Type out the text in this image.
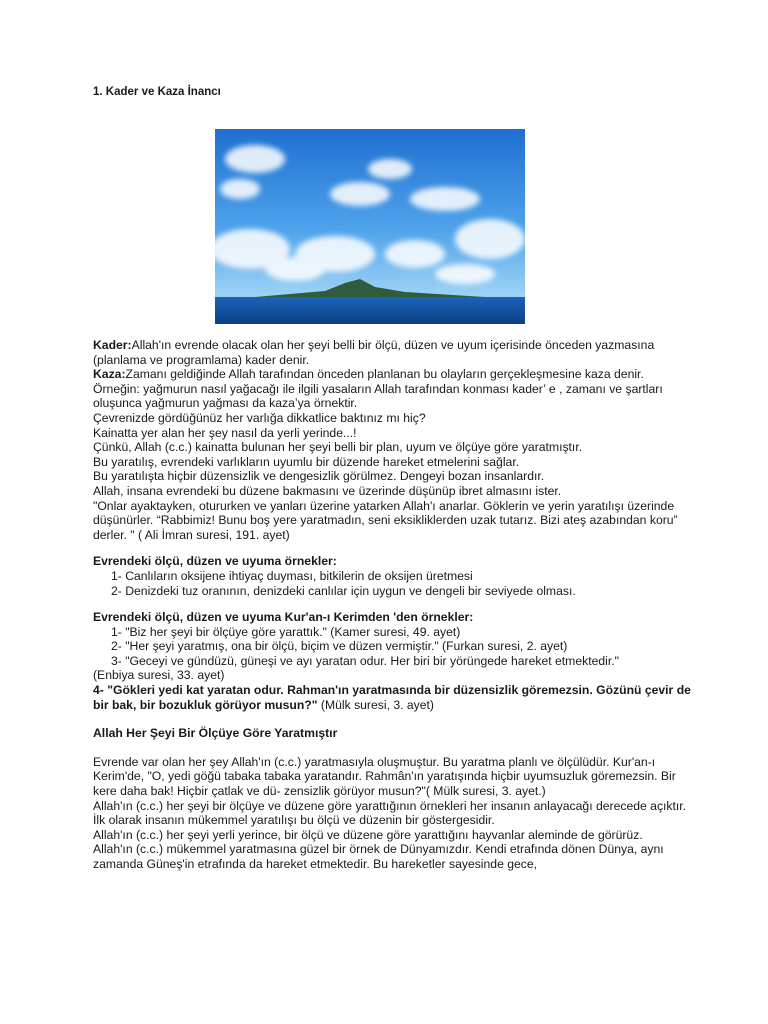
1. Kader ve Kaza İnancı

Kader:Allah'ın evrende olacak olan her şeyi belli bir ölçü, düzen ve uyum içerisinde önceden yazmasına (planlama ve programlama) kader denir.

Kaza:Zamanı geldiğinde Allah tarafından önceden planlanan bu olayların gerçekleşmesine kaza denir.

Örneğin: yağmurun nasıl yağacağı ile ilgili yasaların Allah tarafından konması kader’ e , zamanı ve şartları oluşunca yağmurun yağması da kaza’ya örnektir.

Çevrenizde gördüğünüz her varlığa dikkatlice baktınız mı hiç?

Kainatta yer alan her şey nasıl da yerli yerinde...!

Çünkü, Allah (c.c.) kainatta bulunan her şeyi belli bir plan, uyum ve ölçüye göre yaratmıştır.

Bu yaratılış, evrendeki varlıkların uyumlu bir düzende hareket etmelerini sağlar.

Bu yaratılışta hiçbir düzensizlik ve dengesizlik görülmez. Dengeyi bozan insanlardır.

Allah, insana evrendeki bu düzene bakmasını ve üzerinde düşünüp ibret almasını ister.

"Onlar ayaktayken, otururken ve yanları üzerine yatarken Allah'ı anarlar. Göklerin ve yerin yaratılışı üzerinde düşünürler. “Rabbimiz! Bunu boş yere yaratmadın, seni eksikliklerden uzak tutarız. Bizi ateş azabından koru” derler. " ( Ali İmran suresi, 191. ayet)

Evrendeki ölçü, düzen ve uyuma örnekler:

1- Canlıların oksijene ihtiyaç duyması, bitkilerin de oksijen üretmesi

2- Denizdeki tuz oranının, denizdeki canlılar için uygun ve dengeli bir seviyede olması.

Evrendeki ölçü, düzen ve uyuma Kur'an-ı Kerimden 'den örnekler:

1- "Biz her şeyi bir ölçüye göre yarattık." (Kamer suresi, 49. ayet)

2- "Her şeyi yaratmış, ona bir ölçü, biçim ve düzen vermiştir." (Furkan suresi, 2. ayet)

3- "Geceyi ve gündüzü, güneşi ve ayı yaratan odur. Her biri bir yörüngede hareket etmektedir."

(Enbiya suresi, 33. ayet)

4- "Gökleri yedi kat yaratan odur. Rahman'ın yaratmasında bir düzensizlik göremezsin. Gözünü çevir de bir bak, bir bozukluk görüyor musun?" (Mülk suresi, 3. ayet)

Allah Her Şeyi Bir Ölçüye Göre Yaratmıştır

Evrende var olan her şey Allah'ın (c.c.) yaratmasıyla oluşmuştur. Bu yaratma planlı ve ölçülüdür. Kur'an-ı Kerim'de, "O, yedi göğü tabaka tabaka yaratandır. Rahmân'ın yaratışında hiçbir uyumsuzluk göremezsin. Bir kere daha bak! Hiçbir çatlak ve dü- zensizlik görüyor musun?"( Mülk suresi, 3. ayet.)

Allah'ın (c.c.) her şeyi bir ölçüye ve düzene göre yarattığının örnekleri her insanın anlayacağı derecede açıktır. İlk olarak insanın mükemmel yaratılışı bu ölçü ve düzenin bir göstergesidir.

Allah'ın (c.c.) her şeyi yerli yerince, bir ölçü ve düzene göre yarattığını hayvanlar aleminde de görürüz.

Allah'ın (c.c.) mükemmel yaratmasına güzel bir örnek de Dünyamızdır. Kendi etrafında dönen Dünya, aynı zamanda Güneş'in etrafında da hareket etmektedir. Bu hareketler sayesinde gece,
